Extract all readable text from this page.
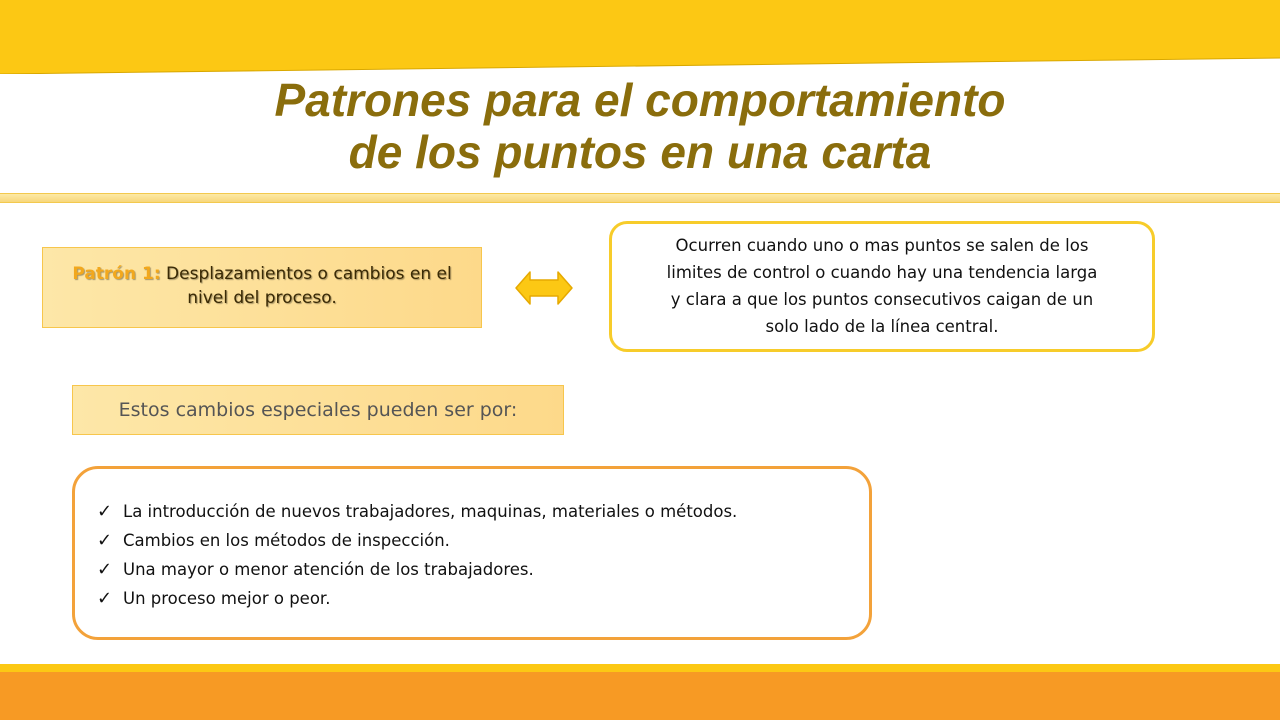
Patrones para el comportamiento
de los puntos en una carta
Patrón 1: Desplazamientos o cambios en el
nivel del proceso.
Ocurren cuando uno o mas puntos se salen de los
limites de control o cuando hay una tendencia larga
y clara a que los puntos consecutivos caigan de un
solo lado de la línea central.
Estos cambios especiales pueden ser por:
✓ La introducción de nuevos trabajadores, maquinas, materiales o métodos.
✓ Cambios en los métodos de inspección.
✓ Una mayor o menor atención de los trabajadores.
✓ Un proceso mejor o peor.
